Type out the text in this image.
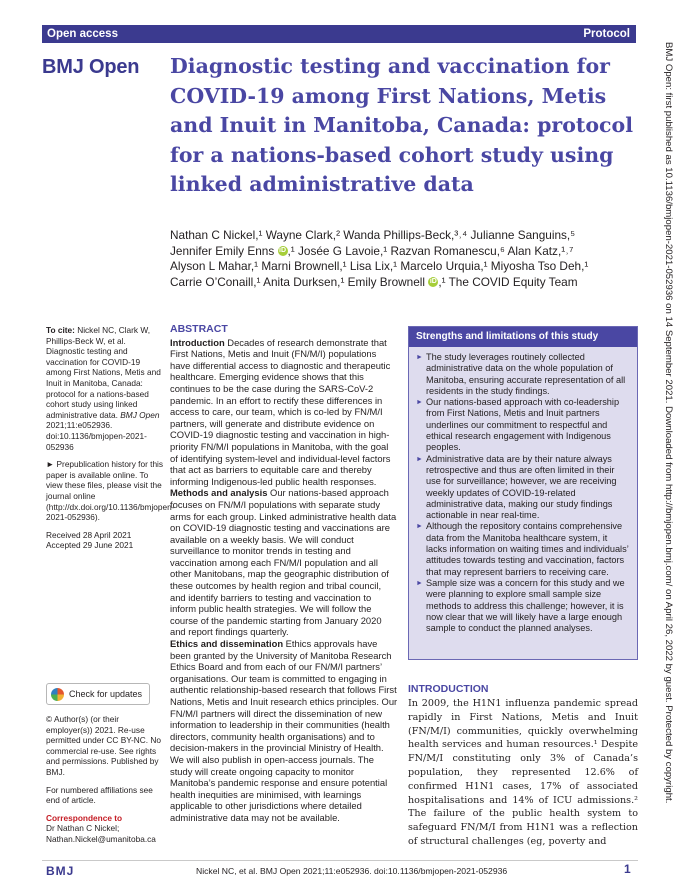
Open access	Protocol
BMJ Open Diagnostic testing and vaccination for COVID-19 among First Nations, Metis and Inuit in Manitoba, Canada: protocol for a nations-based cohort study using linked administrative data
Nathan C Nickel,¹ Wayne Clark,² Wanda Phillips-Beck,³˒⁴ Julianne Sanguins,⁵
Jennifer Emily Enns iD ,¹ Josée G Lavoie,¹ Razvan Romanescu,⁶ Alan Katz,¹˒⁷
Alyson L Mahar,¹ Marni Brownell,¹ Lisa Lix,¹ Marcelo Urquia,¹ Miyosha Tso Deh,¹
Carrie O’Conaill,¹ Anita Durksen,¹ Emily Brownell iD ,¹ The COVID Equity Team

To cite: Nickel NC, Clark W, Phillips-Beck W, et al. Diagnostic testing and vaccination for COVID-19 among First Nations, Metis and Inuit in Manitoba, Canada: protocol for a nations-based cohort study using linked administrative data. BMJ Open 2021;11:e052936. doi:10.1136/bmjopen-2021-052936

► Prepublication history for this paper is available online. To view these files, please visit the journal online (http://dx.doi.org/10.1136/bmjopen-2021-052936).

Received 28 April 2021
Accepted 29 June 2021

Check for updates

© Author(s) (or their employer(s)) 2021. Re-use permitted under CC BY-NC. No commercial re-use. See rights and permissions. Published by BMJ.

For numbered affiliations see end of article.

Correspondence to
Dr Nathan C Nickel;
Nathan.Nickel@umanitoba.ca

ABSTRACT
Introduction Decades of research demonstrate that First Nations, Metis and Inuit (FN/M/I) populations have differential access to diagnostic and therapeutic healthcare. Emerging evidence shows that this continues to be the case during the SARS-CoV-2 pandemic. In an effort to rectify these differences in access to care, our team, which is co-led by FN/M/I partners, will generate and distribute evidence on COVID-19 diagnostic testing and vaccination in high-priority FN/M/I populations in Manitoba, with the goal of identifying system-level and individual-level factors that act as barriers to equitable care and thereby informing Indigenous-led public health responses.
Methods and analysis Our nations-based approach focuses on FN/M/I populations with separate study arms for each group. Linked administrative health data on COVID-19 diagnostic testing and vaccinations are available on a weekly basis. We will conduct surveillance to monitor trends in testing and vaccination among each FN/M/I population and all other Manitobans, map the geographic distribution of these outcomes by health region and tribal council, and identify barriers to testing and vaccination to inform public health strategies. We will follow the course of the pandemic starting from January 2020 and report findings quarterly.
Ethics and dissemination Ethics approvals have been granted by the University of Manitoba Research Ethics Board and from each of our FN/M/I partners’ organisations. Our team is committed to engaging in authentic relationship-based research that follows First Nations, Metis and Inuit research ethics principles. Our FN/M/I partners will direct the dissemination of new information to leadership in their communities (health directors, community health organisations) and to decision-makers in the provincial Ministry of Health. We will also publish in open-access journals. The study will create ongoing capacity to monitor Manitoba’s pandemic response and ensure potential health inequities are minimised, with learnings applicable to other jurisdictions where detailed administrative data may not be available.
Strengths and limitations of this study
► The study leverages routinely collected administrative data on the whole population of Manitoba, ensuring accurate representation of all residents in the study findings.
► Our nations-based approach with co-leadership from First Nations, Metis and Inuit partners underlines our commitment to respectful and ethical research engagement with Indigenous peoples.
► Administrative data are by their nature always retrospective and thus are often limited in their use for surveillance; however, we are receiving weekly updates of COVID-19-related administrative data, making our study findings actionable in near real-time.
► Although the repository contains comprehensive data from the Manitoba healthcare system, it lacks information on waiting times and individuals’ attitudes towards testing and vaccination, factors that may represent barriers to receiving care.
► Sample size was a concern for this study and we were planning to explore small sample size methods to address this challenge; however, it is now clear that we will likely have a large enough sample to conduct the planned analyses.
INTRODUCTION

In 2009, the H1N1 influenza pandemic spread rapidly in First Nations, Metis and Inuit (FN/M/I) communities, quickly overwhelming health services and human resources.¹ Despite FN/M/I constituting only 3% of Canada’s population, they represented 12.6% of confirmed H1N1 cases, 17% of associated hospitalisations and 14% of ICU admissions.² The failure of the public health system to safeguard FN/M/I from H1N1 was a reflection of structural challenges (eg, poverty and

BMJ Open: first published as 10.1136/bmjopen-2021-052936 on 14 September 2021. Downloaded from http://bmjopen.bmj.com/ on April 26, 2022 by guest. Protected by copyright.
BMJ	Nickel NC, et al. BMJ Open 2021;11:e052936. doi:10.1136/bmjopen-2021-052936	1
